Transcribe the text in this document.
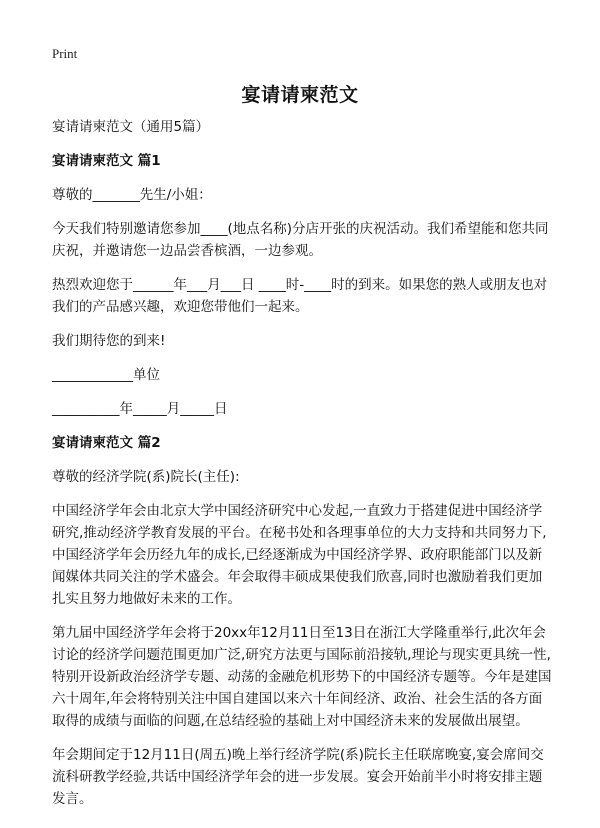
Print
宴请请柬范文

宴请请柬范文（通用5篇）

宴请请柬范文 篇1

尊敬的_______先生/小姐：

今天我们特别邀请您参加____(地点名称)分店开张的庆祝活动。我们希望能和您共同庆祝，并邀请您一边品尝香槟酒，一边参观。

热烈欢迎您于______年___月___日 ____时-____时的到来。如果您的熟人或朋友也对我们的产品感兴趣，欢迎您带他们一起来。

我们期待您的到来!

____________单位

__________年_____月_____日

宴请请柬范文 篇2

尊敬的经济学院(系)院长(主任):

中国经济学年会由北京大学中国经济研究中心发起,一直致力于搭建促进中国经济学研究,推动经济学教育发展的平台。在秘书处和各理事单位的大力支持和共同努力下,中国经济学年会历经九年的成长,已经逐渐成为中国经济学界、政府职能部门以及新闻媒体共同关注的学术盛会。年会取得丰硕成果使我们欣喜,同时也激励着我们更加扎实且努力地做好未来的工作。

第九届中国经济学年会将于20xx年12月11日至13日在浙江大学隆重举行,此次年会讨论的经济学问题范围更加广泛,研究方法更与国际前沿接轨,理论与现实更具统一性,特别开设新政治经济学专题、动荡的金融危机形势下的中国经济专题等。今年是建国六十周年,年会将特别关注中国自建国以来六十年间经济、政治、社会生活的各方面取得的成绩与面临的问题,在总结经验的基础上对中国经济未来的发展做出展望。

年会期间定于12月11日(周五)晚上举行经济学院(系)院长主任联席晚宴,宴会席间交流科研教学经验,共话中国经济学年会的进一步发展。宴会开始前半小时将安排主题发言。
